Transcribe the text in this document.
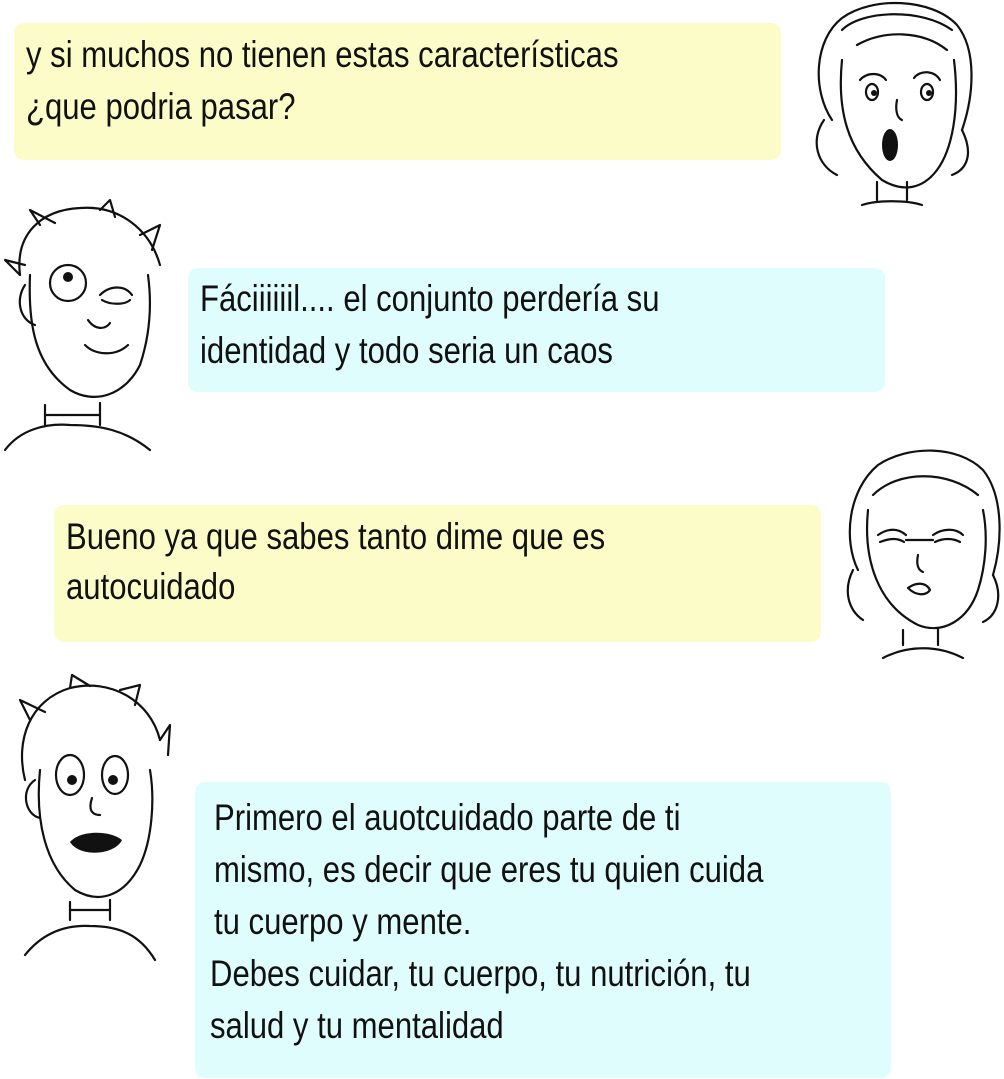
y si muchos no tienen estas características
¿que podria pasar?
Fáciiiiiil.... el conjunto perdería su
identidad y todo seria un caos
Bueno ya que sabes tanto dime que es
autocuidado
Primero el auotcuidado parte de ti
mismo, es decir que eres tu quien cuida
tu cuerpo y mente.
Debes cuidar, tu cuerpo, tu nutrición, tu
salud y tu mentalidad
